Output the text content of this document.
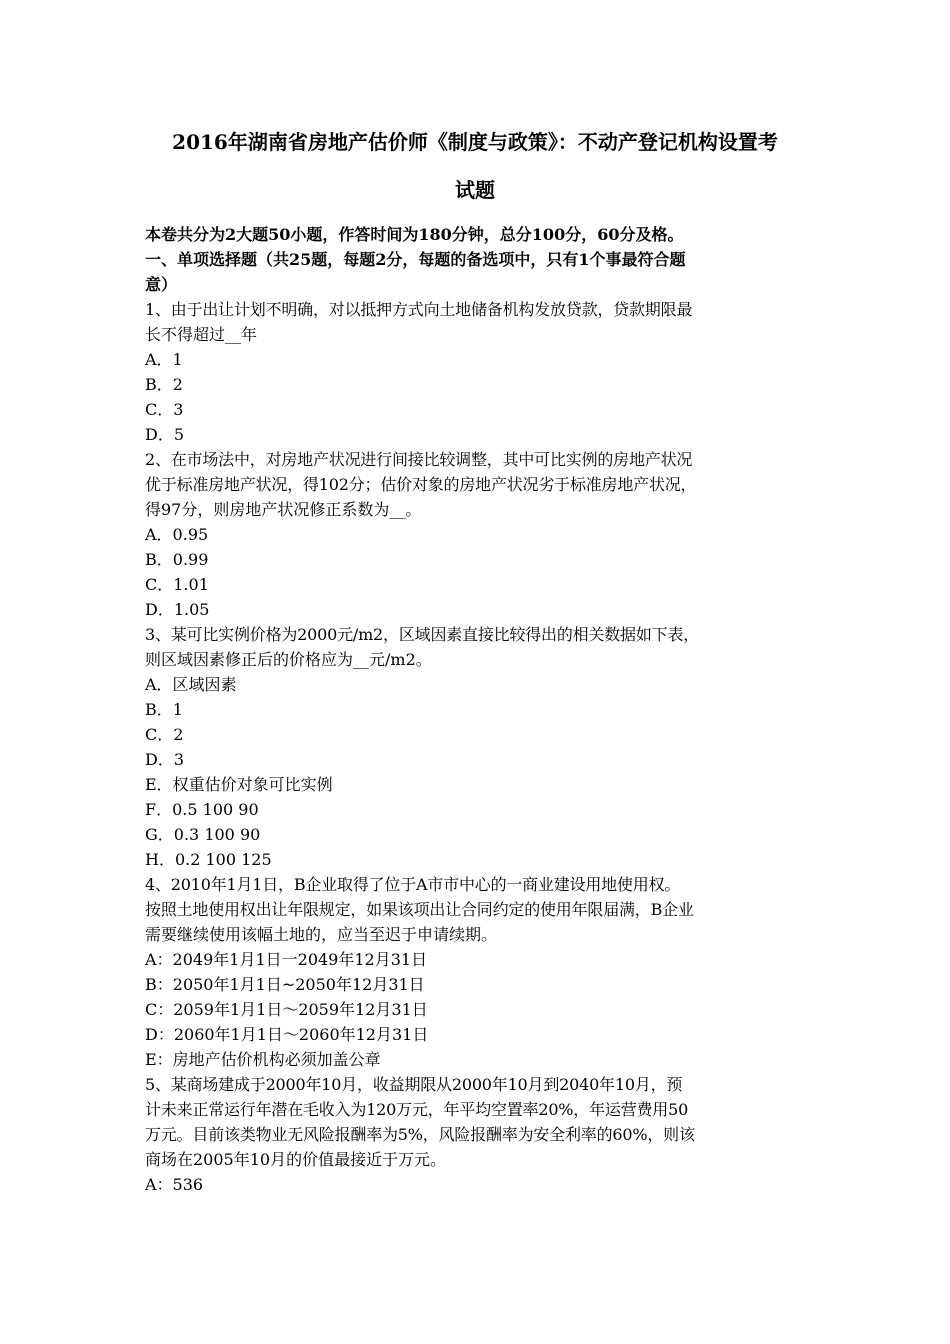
2016年湖南省房地产估价师《制度与政策》：不动产登记机构设置考
试题
本卷共分为2大题50小题，作答时间为180分钟，总分100分，60分及格。
一、单项选择题（共25题，每题2分，每题的备选项中，只有1个事最符合题
意）
1、由于出让计划不明确，对以抵押方式向土地储备机构发放贷款，贷款期限最
长不得超过__年
A．1
B．2
C．3
D．5
2、在市场法中，对房地产状况进行间接比较调整，其中可比实例的房地产状况
优于标准房地产状况，得102分；估价对象的房地产状况劣于标准房地产状况，
得97分，则房地产状况修正系数为__。
A．0.95
B．0.99
C．1.01
D．1.05
3、某可比实例价格为2000元/m2，区域因素直接比较得出的相关数据如下表，
则区域因素修正后的价格应为__元/m2。
A．区域因素
B．1
C．2
D．3
E．权重估价对象可比实例
F．0.5 100 90
G．0.3 100 90
H．0.2 100 125
4、2010年1月1日，B企业取得了位于A市市中心的一商业建设用地使用权。
按照土地使用权出让年限规定，如果该项出让合同约定的使用年限届满，B企业
需要继续使用该幅土地的，应当至迟于申请续期。
A：2049年1月1日一2049年12月31日
B：2050年1月1日~2050年12月31日
C：2059年1月1日～2059年12月31日
D：2060年1月1日～2060年12月31日
E：房地产估价机构必须加盖公章
5、某商场建成于2000年10月，收益期限从2000年10月到2040年10月，预
计未来正常运行年潜在毛收入为120万元，年平均空置率20%，年运营费用50
万元。目前该类物业无风险报酬率为5%，风险报酬率为安全利率的60%，则该
商场在2005年10月的价值最接近于万元。
A：536
